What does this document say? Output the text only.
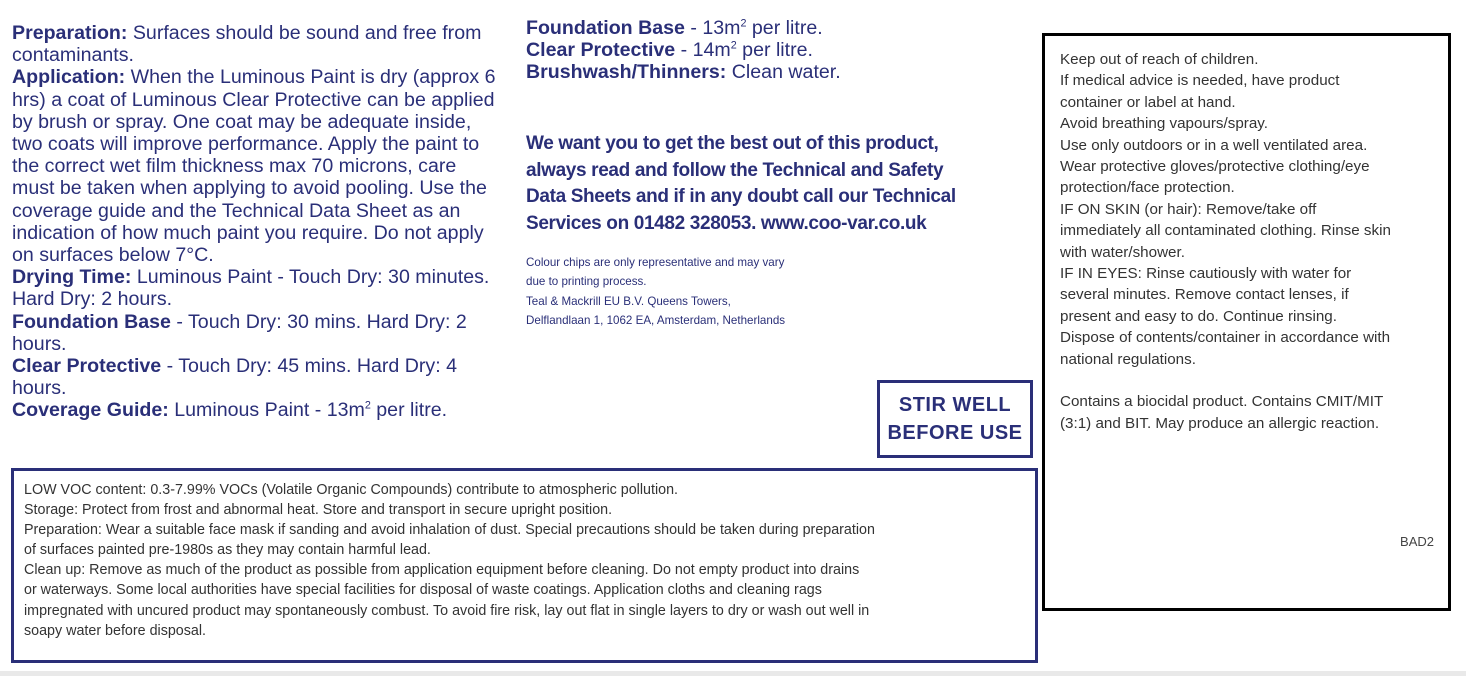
Preparation: Surfaces should be sound and free from contaminants.

Application: When the Luminous Paint is dry (approx 6 hrs) a coat of Luminous Clear Protective can be applied by brush or spray. One coat may be adequate inside, two coats will improve performance. Apply the paint to the correct wet film thickness max 70 microns, care must be taken when applying to avoid pooling. Use the coverage guide and the Technical Data Sheet as an indication of how much paint you require. Do not apply on surfaces below 7°C.

Drying Time: Luminous Paint - Touch Dry: 30 minutes. Hard Dry: 2 hours.

Foundation Base - Touch Dry: 30 mins. Hard Dry: 2 hours.

Clear Protective - Touch Dry: 45 mins. Hard Dry: 4 hours.

Coverage Guide: Luminous Paint - $13m^2$ per litre.

Foundation Base - $13m^2$ per litre.

Clear Protective - $14m^2$ per litre.

Brushwash/Thinners: Clean water.

We want you to get the best out of this product,
always read and follow the Technical and Safety
Data Sheets and if in any doubt call our Technical
Services on 01482 328053. www.coo-var.co.uk

Colour chips are only representative and may vary

due to printing process.

Teal & Mackrill EU B.V. Queens Towers,

Delflandlaan 1, 1062 EA, Amsterdam, Netherlands

STIR WELL
BEFORE USE

Keep out of reach of children.

If medical advice is needed, have product

container or label at hand.

Avoid breathing vapours/spray.

Use only outdoors or in a well ventilated area.

Wear protective gloves/protective clothing/eye

protection/face protection.

IF ON SKIN (or hair): Remove/take off

immediately all contaminated clothing. Rinse skin

with water/shower.

IF IN EYES: Rinse cautiously with water for

several minutes. Remove contact lenses, if

present and easy to do. Continue rinsing.

Dispose of contents/container in accordance with

national regulations.

Contains a biocidal product. Contains CMIT/MIT

(3:1) and BIT. May produce an allergic reaction.

BAD2

LOW VOC content: 0.3-7.99% VOCs (Volatile Organic Compounds) contribute to atmospheric pollution.

Storage: Protect from frost and abnormal heat. Store and transport in secure upright position.

Preparation: Wear a suitable face mask if sanding and avoid inhalation of dust. Special precautions should be taken during preparation

of surfaces painted pre-1980s as they may contain harmful lead.

Clean up: Remove as much of the product as possible from application equipment before cleaning. Do not empty product into drains

or waterways. Some local authorities have special facilities for disposal of waste coatings. Application cloths and cleaning rags

impregnated with uncured product may spontaneously combust. To avoid fire risk, lay out flat in single layers to dry or wash out well in

soapy water before disposal.
